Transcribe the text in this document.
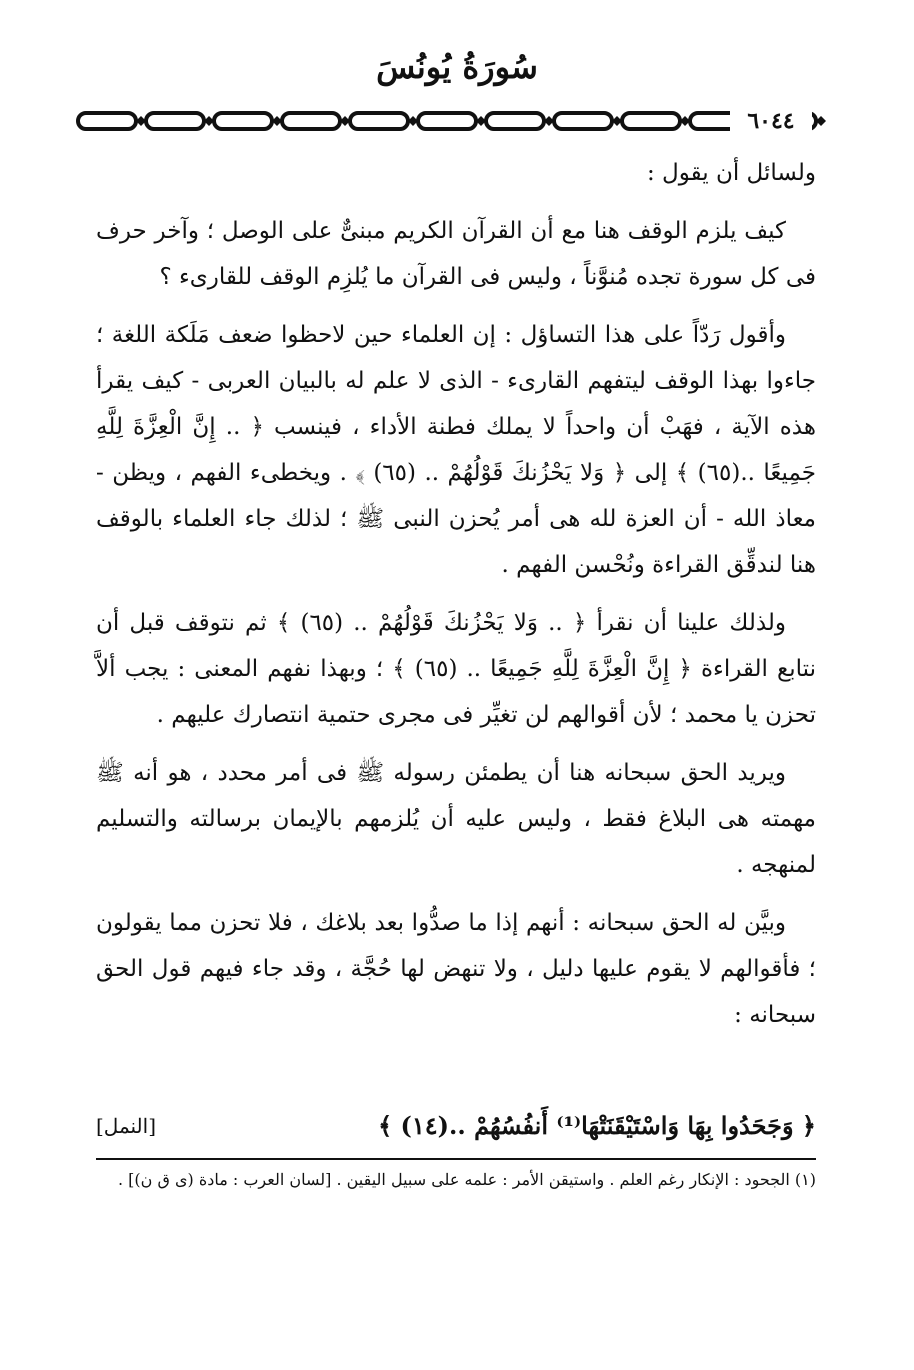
سُورَةُ يُونُسَ
٦٠٤٤

ولسائل أن يقول :

كيف يلزم الوقف هنا مع أن القرآن الكريم مبنىٌّ على الوصل ؛ وآخر حرف فى كل سورة تجده مُنوَّناً ، وليس فى القرآن ما يُلزِم الوقف للقارىء ؟

وأقول رَدّاً على هذا التساؤل : إن العلماء حين لاحظوا ضعف مَلَكة اللغة ؛ جاءوا بهذا الوقف ليتفهم القارىء - الذى لا علم له بالبيان العربى - كيف يقرأ هذه الآية ، فهَبْ أن واحداً لا يملك فطنة الأداء ، فينسب ﴿ .. إِنَّ الْعِزَّةَ لِلَّهِ جَمِيعًا ..(٦٥) ﴾ إلى ﴿ وَلا يَحْزُنكَ قَوْلُهُمْ .. (٦٥) ﴾ . ويخطىء الفهم ، ويظن - معاذ الله - أن العزة لله هى أمر يُحزن النبى ﷺ ؛ لذلك جاء العلماء بالوقف هنا لندقِّق القراءة ونُحْسن الفهم .

ولذلك علينا أن نقرأ ﴿ .. وَلا يَحْزُنكَ قَوْلُهُمْ .. (٦٥) ﴾ ثم نتوقف قبل أن نتابع القراءة ﴿ إِنَّ الْعِزَّةَ لِلَّهِ جَمِيعًا .. (٦٥) ﴾ ؛ وبهذا نفهم المعنى : يجب ألاَّ تحزن يا محمد ؛ لأن أقوالهم لن تغيِّر فى مجرى حتمية انتصارك عليهم .

ويريد الحق سبحانه هنا أن يطمئن رسوله ﷺ فى أمر محدد ، هو أنه ﷺ مهمته هى البلاغ فقط ، وليس عليه أن يُلزمهم بالإيمان برسالته والتسليم لمنهجه .

وبيَّن له الحق سبحانه : أنهم إذا ما صدُّوا بعد بلاغك ، فلا تحزن مما يقولون ؛ فأقوالهم لا يقوم عليها دليل ، ولا تنهض لها حُجَّة ، وقد جاء فيهم قول الحق سبحانه :

﴿ وَجَحَدُوا بِهَا وَاسْتَيْقَنَتْهَا⁽¹⁾ أَنفُسُهُمْ ..(١٤) ﴾
[النمل]
(١) الجحود : الإنكار رغم العلم . واستيقن الأمر : علمه على سبيل اليقين . [لسان العرب : مادة (ى ق ن)] .
